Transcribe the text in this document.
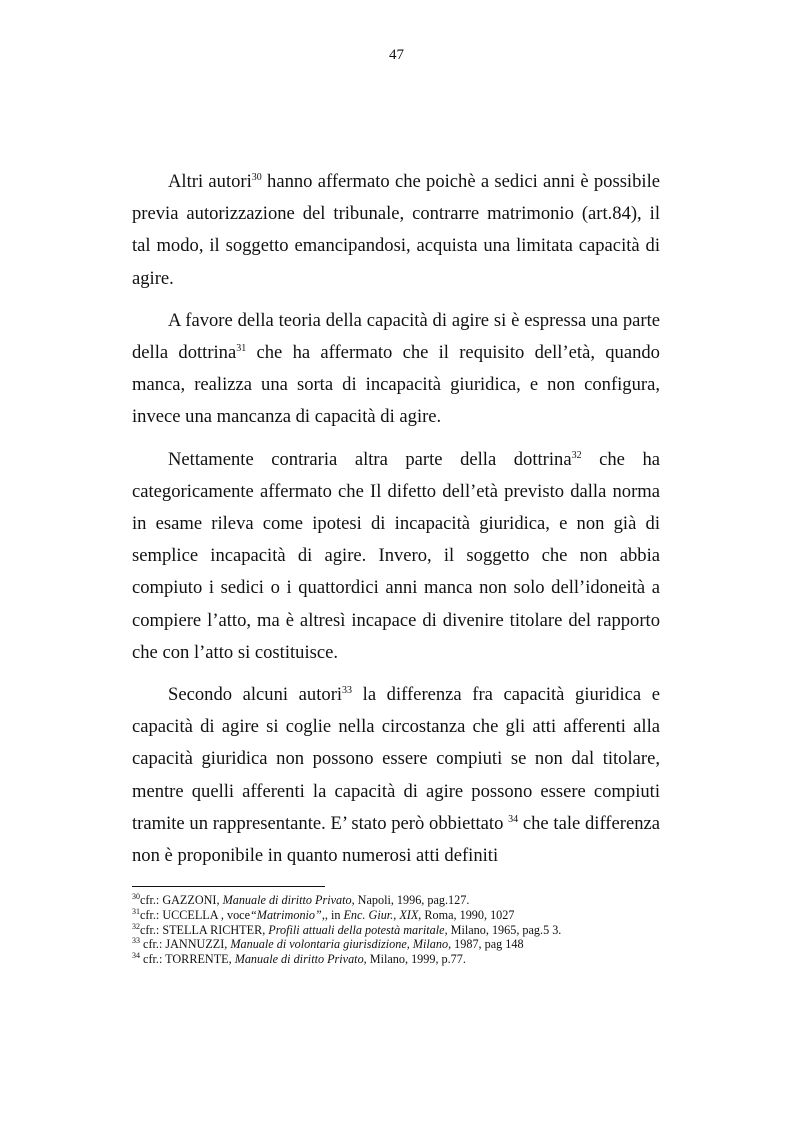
47

Altri autori$^{30}$ hanno affermato che poichè a sedici anni è possibile previa autorizzazione del tribunale, contrarre matrimonio (art.84), il tal modo, il soggetto emancipandosi, acquista una limitata capacità di agire.

A favore della teoria della capacità di agire si è espressa una parte della dottrina$^{31}$ che ha affermato che il requisito dell’età, quando manca, realizza una sorta di incapacità giuridica, e non configura, invece una mancanza di capacità di agire.

Nettamente contraria altra parte della dottrina$^{32}$ che ha categoricamente affermato che Il difetto dell’età previsto dalla norma in esame rileva come ipotesi di incapacità giuridica, e non già di semplice incapacità di agire. Invero, il soggetto che non abbia compiuto i sedici o i quattordici anni manca non solo dell’idoneità a compiere l’atto, ma è altresì incapace di divenire titolare del rapporto che con l’atto si costituisce.

Secondo alcuni autori$^{33}$ la differenza fra capacità giuridica e capacità di agire si coglie nella circostanza che gli atti afferenti alla capacità giuridica non possono essere compiuti se non dal titolare, mentre quelli afferenti la capacità di agire possono essere compiuti tramite un rappresentante. E’ stato però obbiettato $^{34}$ che tale differenza non è proponibile in quanto numerosi atti definiti

$^{30}$cfr.: GAZZONI, Manuale di diritto Privato, Napoli, 1996, pag.127.

$^{31}$cfr.: UCCELLA , voce“Matrimonio”,, in Enc. Giur., XIX, Roma, 1990, 1027

$^{32}$cfr.: STELLA RICHTER, Profili attuali della potestà maritale, Milano, 1965, pag.5 3.

$^{33}$ cfr.: JANNUZZI, Manuale di volontaria giurisdizione, Milano, 1987, pag 148

$^{34}$ cfr.: TORRENTE, Manuale di diritto Privato, Milano, 1999, p.77.
